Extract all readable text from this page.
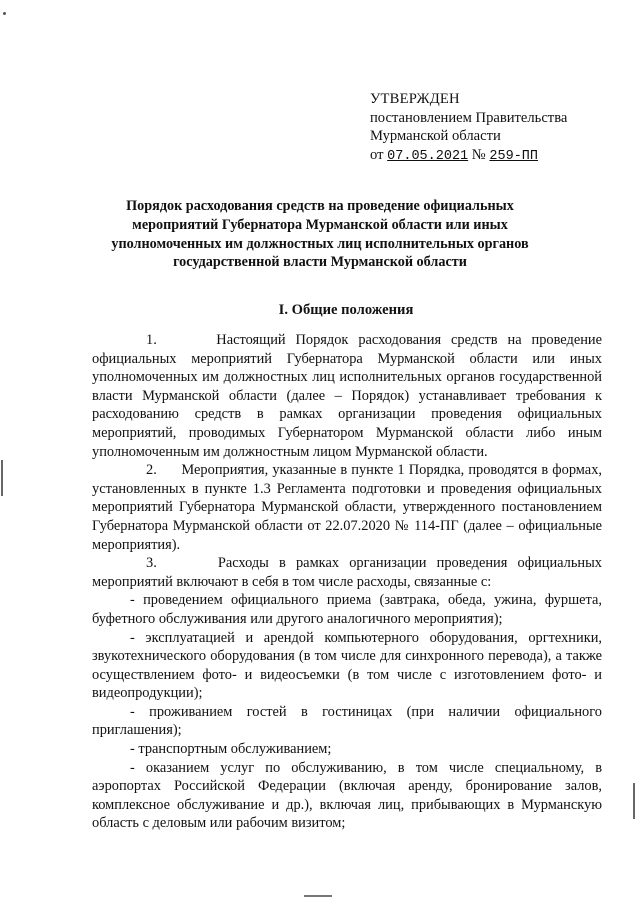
УТВЕРЖДЕН
постановлением Правительства
Мурманской области
от 07.05.2021 № 259-ПП
Порядок расходования средств на проведение официальных мероприятий Губернатора Мурманской области или иных уполномоченных им должностных лиц исполнительных органов государственной власти Мурманской области
I. Общие положения

1.      Настоящий Порядок расходования средств на проведение официальных мероприятий Губернатора Мурманской области или иных уполномоченных им должностных лиц исполнительных органов государственной власти Мурманской области (далее – Порядок) устанавливает требования к расходованию средств в рамках организации проведения официальных мероприятий, проводимых Губернатором Мурманской области либо иным уполномоченным им должностным лицом Мурманской области.

2.      Мероприятия, указанные в пункте 1 Порядка, проводятся в формах, установленных в пункте 1.3 Регламента подготовки и проведения официальных мероприятий Губернатора Мурманской области, утвержденного постановлением Губернатора Мурманской области от 22.07.2020 № 114-ПГ (далее – официальные мероприятия).

3.      Расходы в рамках организации проведения официальных мероприятий включают в себя в том числе расходы, связанные с:

- проведением официального приема (завтрака, обеда, ужина, фуршета, буфетного обслуживания или другого аналогичного мероприятия);

- эксплуатацией и арендой компьютерного оборудования, оргтехники, звукотехнического оборудования (в том числе для синхронного перевода), а также осуществлением фото- и видеосъемки (в том числе с изготовлением фото- и видеопродукции);

- проживанием гостей в гостиницах (при наличии официального приглашения);

- транспортным обслуживанием;

- оказанием услуг по обслуживанию, в том числе специальному, в аэропортах Российской Федерации (включая аренду, бронирование залов, комплексное обслуживание и др.), включая лиц, прибывающих в Мурманскую область с деловым или рабочим визитом;
